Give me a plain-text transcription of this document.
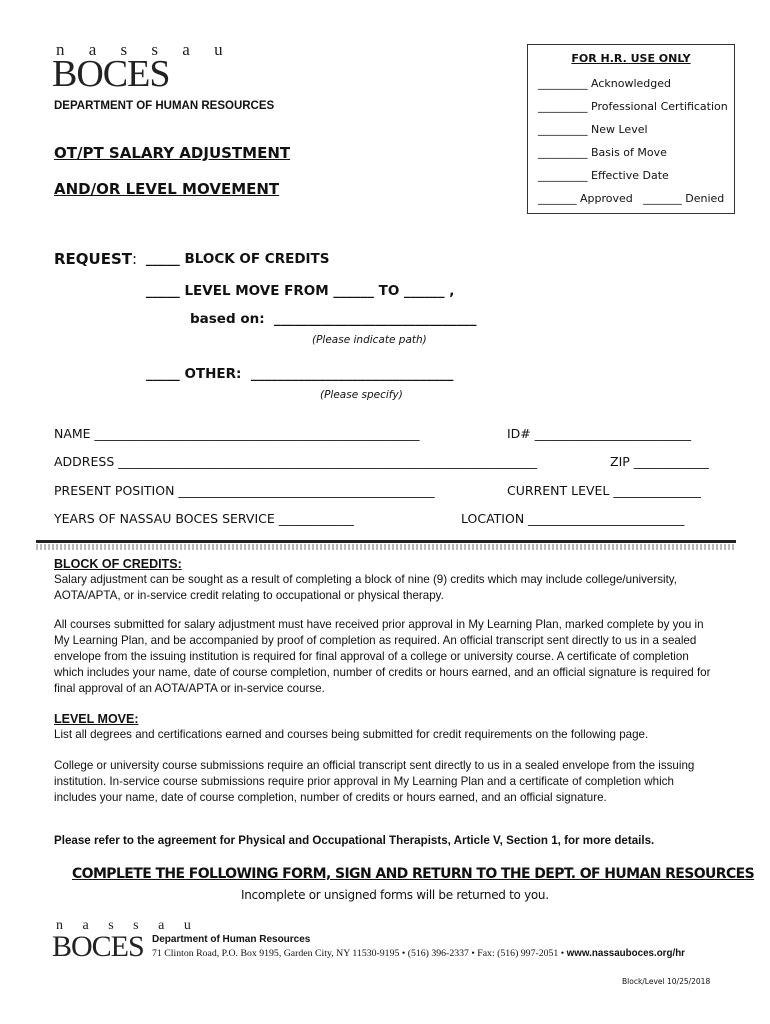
n a s s a u
BOCES
DEPARTMENT OF HUMAN RESOURCES
FOR H.R. USE ONLY
_________ Acknowledged
_________ Professional Certification
_________ New Level
_________ Basis of Move
_________ Effective Date
_______ Approved _______ Denied
OT/PT SALARY ADJUSTMENT
AND/OR LEVEL MOVEMENT
REQUEST: _____ BLOCK OF CREDITS
_____ LEVEL MOVE FROM ______ TO ______ ,
based on: ______________________________
(Please indicate path)
_____ OTHER: ______________________________
(Please specify)
NAME ____________________________________________________	ID# _________________________
ADDRESS ___________________________________________________________________	ZIP ____________
PRESENT POSITION _________________________________________	CURRENT LEVEL ______________
YEARS OF NASSAU BOCES SERVICE ____________	LOCATION _________________________
BLOCK OF CREDITS:
Salary adjustment can be sought as a result of completing a block of nine (9) credits which may include college/university, AOTA/APTA, or in-service credit relating to occupational or physical therapy.
All courses submitted for salary adjustment must have received prior approval in My Learning Plan, marked complete by you in My Learning Plan, and be accompanied by proof of completion as required. An official transcript sent directly to us in a sealed envelope from the issuing institution is required for final approval of a college or university course. A certificate of completion which includes your name, date of course completion, number of credits or hours earned, and an official signature is required for final approval of an AOTA/APTA or in-service course.
LEVEL MOVE:
List all degrees and certifications earned and courses being submitted for credit requirements on the following page.
College or university course submissions require an official transcript sent directly to us in a sealed envelope from the issuing institution. In-service course submissions require prior approval in My Learning Plan and a certificate of completion which includes your name, date of course completion, number of credits or hours earned, and an official signature.
Please refer to the agreement for Physical and Occupational Therapists, Article V, Section 1, for more details.
COMPLETE THE FOLLOWING FORM, SIGN AND RETURN TO THE DEPT. OF HUMAN RESOURCES
Incomplete or unsigned forms will be returned to you.
n a s s a u
BOCES Department of Human Resources
71 Clinton Road, P.O. Box 9195, Garden City, NY 11530-9195 • (516) 396-2337 • Fax: (516) 997-2051 • www.nassauboces.org/hr
Block/Level 10/25/2018
